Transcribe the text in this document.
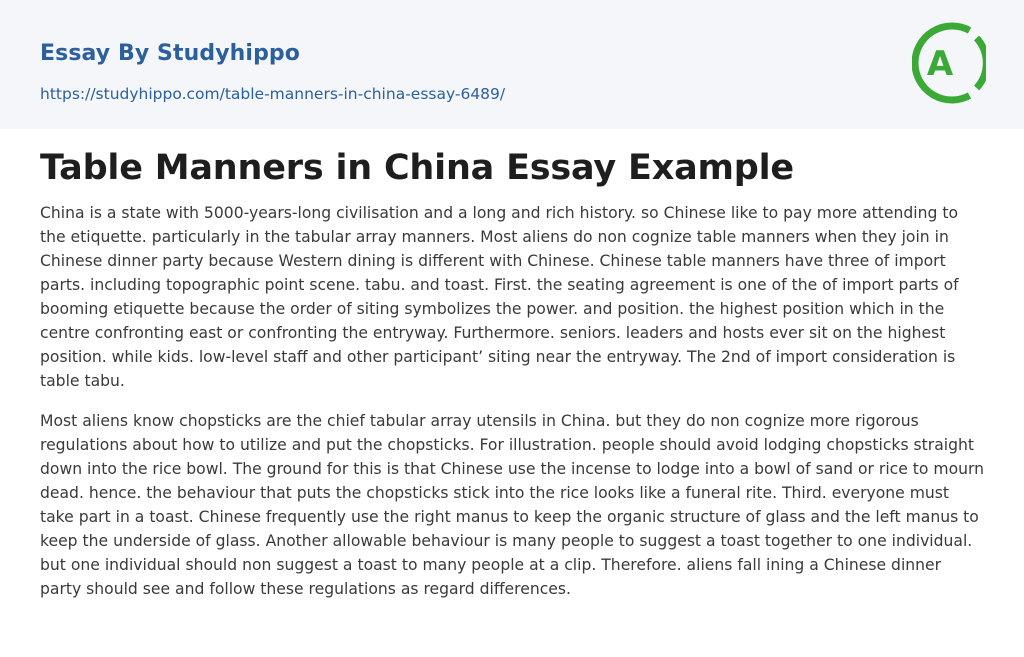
Essay By Studyhippo
https://studyhippo.com/table-manners-in-china-essay-6489/
A
Table Manners in China Essay Example

China is a state with 5000-years-long civilisation and a long and rich history. so Chinese like to pay more attending to the etiquette. particularly in the tabular array manners. Most aliens do non cognize table manners when they join in Chinese dinner party because Western dining is different with Chinese. Chinese table manners have three of import parts. including topographic point scene. tabu. and toast. First. the seating agreement is one of the of import parts of booming etiquette because the order of siting symbolizes the power. and position. the highest position which in the centre confronting east or confronting the entryway. Furthermore. seniors. leaders and hosts ever sit on the highest position. while kids. low-level staff and other participant’ siting near the entryway. The 2nd of import consideration is table tabu.

Most aliens know chopsticks are the chief tabular array utensils in China. but they do non cognize more rigorous regulations about how to utilize and put the chopsticks. For illustration. people should avoid lodging chopsticks straight down into the rice bowl. The ground for this is that Chinese use the incense to lodge into a bowl of sand or rice to mourn dead. hence. the behaviour that puts the chopsticks stick into the rice looks like a funeral rite. Third. everyone must take part in a toast. Chinese frequently use the right manus to keep the organic structure of glass and the left manus to keep the underside of glass. Another allowable behaviour is many people to suggest a toast together to one individual. but one individual should non suggest a toast to many people at a clip. Therefore. aliens fall ining a Chinese dinner party should see and follow these regulations as regard differences.
